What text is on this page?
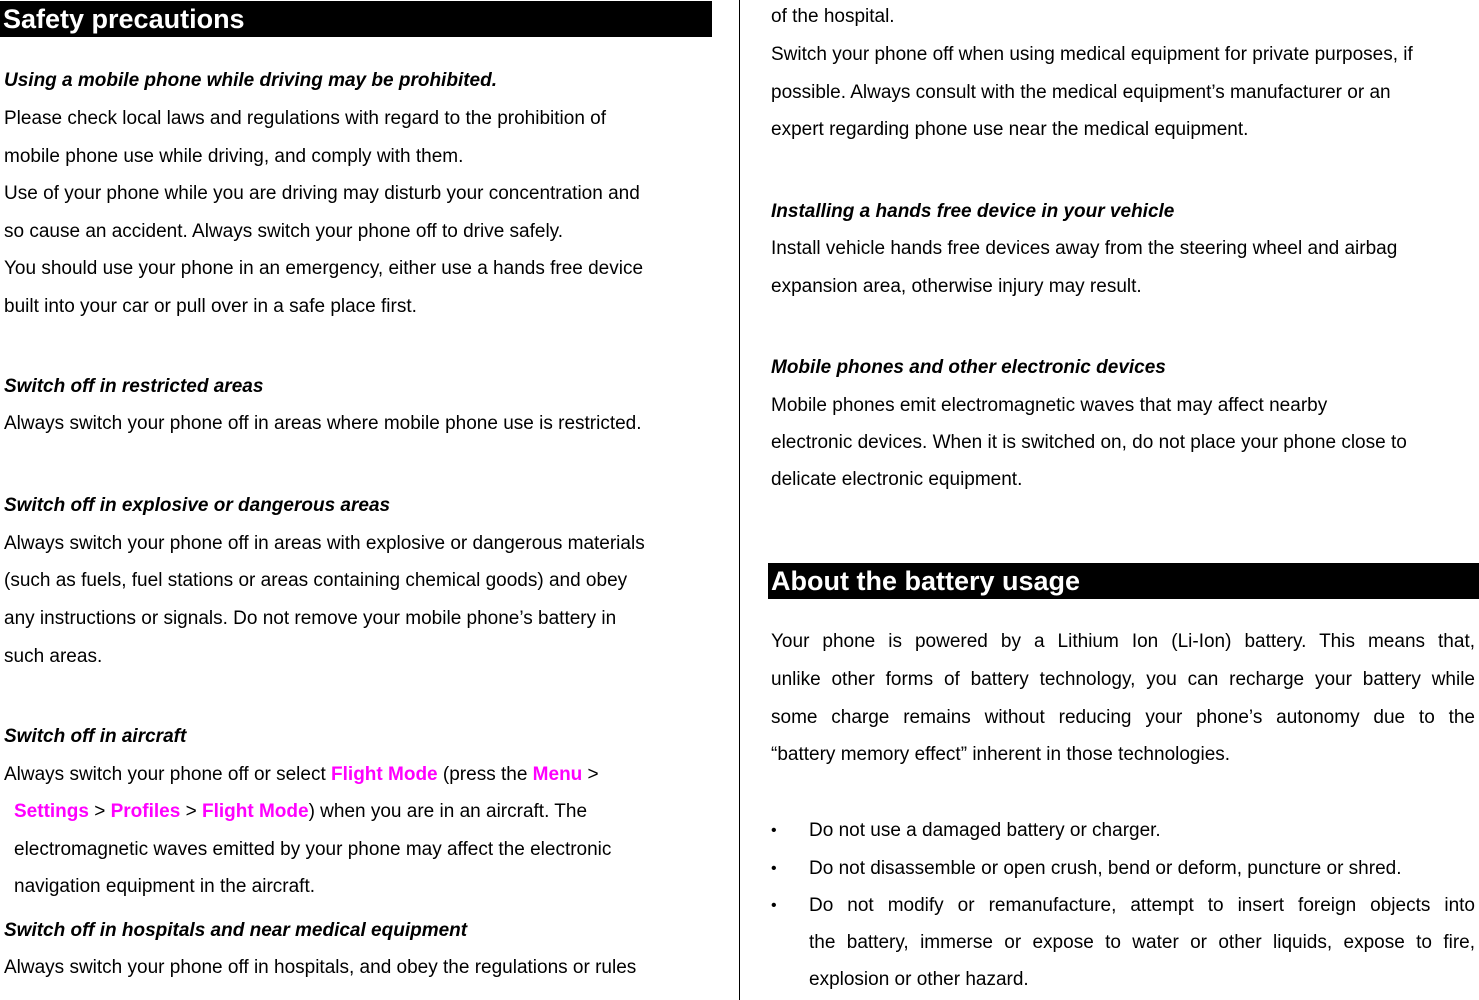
Safety precautions
Using a mobile phone while driving may be prohibited.
Please check local laws and regulations with regard to the prohibition of
mobile phone use while driving, and comply with them.
Use of your phone while you are driving may disturb your concentration and
so cause an accident. Always switch your phone off to drive safely.
You should use your phone in an emergency, either use a hands free device
built into your car or pull over in a safe place first.
Switch off in restricted areas
Always switch your phone off in areas where mobile phone use is restricted.
Switch off in explosive or dangerous areas
Always switch your phone off in areas with explosive or dangerous materials
(such as fuels, fuel stations or areas containing chemical goods) and obey
any instructions or signals. Do not remove your mobile phone’s battery in
such areas.
Switch off in aircraft
Always switch your phone off or select Flight Mode (press the Menu >
Settings > Profiles > Flight Mode) when you are in an aircraft. The
electromagnetic waves emitted by your phone may affect the electronic
navigation equipment in the aircraft.
Switch off in hospitals and near medical equipment
Always switch your phone off in hospitals, and obey the regulations or rules
of the hospital.
Switch your phone off when using medical equipment for private purposes, if
possible. Always consult with the medical equipment’s manufacturer or an
expert regarding phone use near the medical equipment.
Installing a hands free device in your vehicle
Install vehicle hands free devices away from the steering wheel and airbag
expansion area, otherwise injury may result.
Mobile phones and other electronic devices
Mobile phones emit electromagnetic waves that may affect nearby
electronic devices. When it is switched on, do not place your phone close to
delicate electronic equipment.
About the battery usage
Your phone is powered by a Lithium Ion (Li-Ion) battery. This means that,
unlike other forms of battery technology, you can recharge your battery while
some charge remains without reducing your phone’s autonomy due to the
“battery memory effect” inherent in those technologies.
• Do not use a damaged battery or charger.
• Do not disassemble or open crush, bend or deform, puncture or shred.
• Do not modify or remanufacture, attempt to insert foreign objects into
the battery, immerse or expose to water or other liquids, expose to fire,
explosion or other hazard.
